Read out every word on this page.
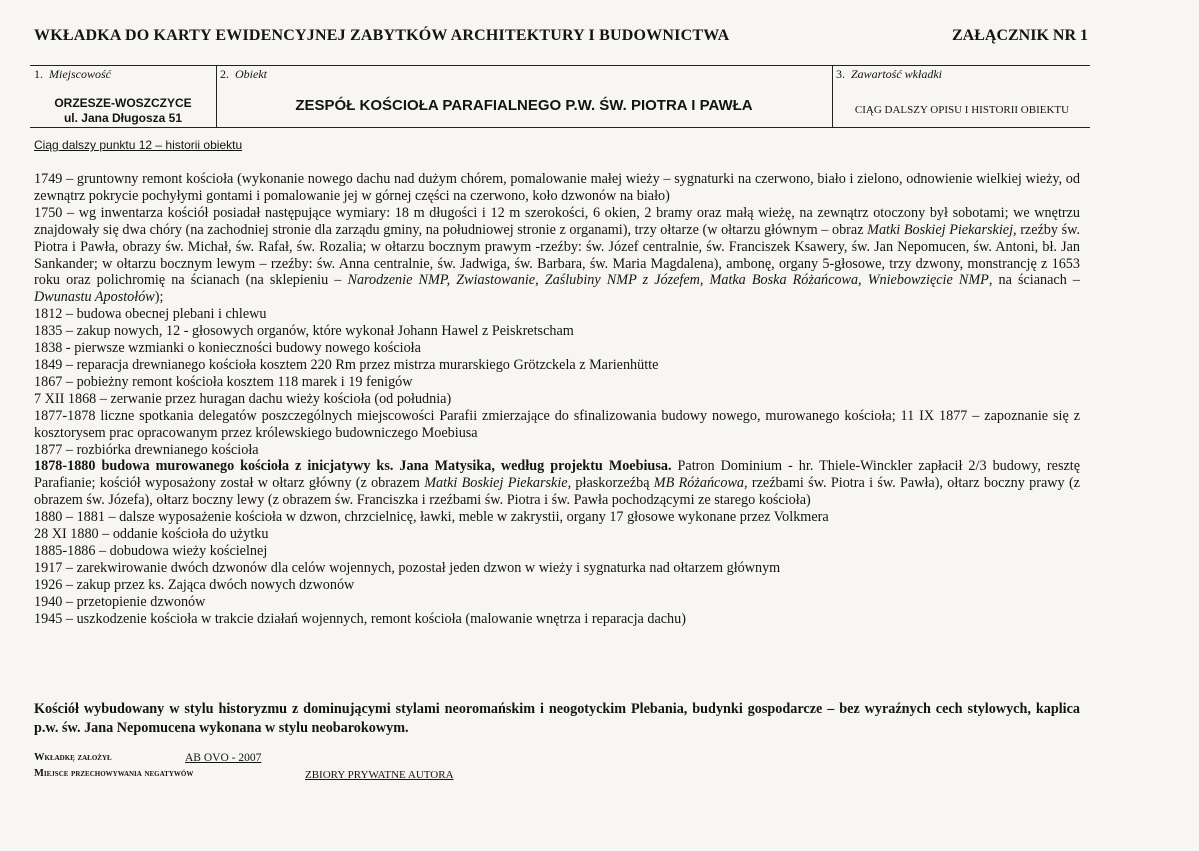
WKŁADKA DO KARTY EWIDENCYJNEJ ZABYTKÓW ARCHITEKTURY I BUDOWNICTWA	ZAŁĄCZNIK NR 1
1. Miejscowość
ORZESZE-WOSZCZYCE
ul. Jana Długosza 51
2. Obiekt
ZESPÓŁ KOŚCIOŁA PARAFIALNEGO P.W. ŚW. PIOTRA I PAWŁA
3. Zawartość wkładki
CIĄG DALSZY OPISU I HISTORII OBIEKTU
Ciąg dalszy punktu 12 – historii obiektu

1749 – gruntowny remont kościoła (wykonanie nowego dachu nad dużym chórem, pomalowanie małej wieży – sygnaturki na czerwono, biało i zielono, odnowienie wielkiej wieży, od zewnątrz pokrycie pochyłymi gontami i pomalowanie jej w górnej części na czerwono, koło dzwonów na biało)

1750 – wg inwentarza kościół posiadał następujące wymiary: 18 m długości i 12 m szerokości, 6 okien, 2 bramy oraz małą wieżę, na zewnątrz otoczony był sobotami; we wnętrzu znajdowały się dwa chóry (na zachodniej stronie dla zarządu gminy, na południowej stronie z organami), trzy ołtarze (w ołtarzu głównym – obraz Matki Boskiej Piekarskiej, rzeźby św. Piotra i Pawła, obrazy św. Michał, św. Rafał, św. Rozalia; w ołtarzu bocznym prawym -rzeźby: św. Józef centralnie, św. Franciszek Ksawery, św. Jan Nepomucen, św. Antoni, bł. Jan Sankander; w ołtarzu bocznym lewym – rzeźby: św. Anna centralnie, św. Jadwiga, św. Barbara, św. Maria Magdalena), ambonę, organy 5-głosowe, trzy dzwony, monstrancję z 1653 roku oraz polichromię na ścianach (na sklepieniu – Narodzenie NMP, Zwiastowanie, Zaślubiny NMP z Józefem, Matka Boska Różańcowa, Wniebowzięcie NMP, na ścianach – Dwunastu Apostołów);

1812 – budowa obecnej plebani i chlewu

1835 – zakup nowych, 12 - głosowych organów, które wykonał Johann Hawel z Peiskretscham

1838 - pierwsze wzmianki o konieczności budowy nowego kościoła

1849 – reparacja drewnianego kościoła kosztem 220 Rm przez mistrza murarskiego Grötzckela z Marienhütte

1867 – pobieżny remont kościoła kosztem 118 marek i 19 fenigów

7 XII 1868 – zerwanie przez huragan dachu wieży kościoła (od południa)

1877-1878 liczne spotkania delegatów poszczególnych miejscowości Parafii zmierzające do sfinalizowania budowy nowego, murowanego kościoła; 11 IX 1877 – zapoznanie się z kosztorysem prac opracowanym przez królewskiego budowniczego Moebiusa

1877 – rozbiórka drewnianego kościoła

1878-1880 budowa murowanego kościoła z inicjatywy ks. Jana Matysika, według projektu Moebiusa. Patron Dominium - hr. Thiele-Winckler zapłacił 2/3 budowy, resztę Parafianie; kościół wyposażony został w ołtarz główny (z obrazem Matki Boskiej Piekarskie, płaskorzeźbą MB Różańcowa, rzeźbami św. Piotra i św. Pawła), ołtarz boczny prawy (z obrazem św. Józefa), ołtarz boczny lewy (z obrazem św. Franciszka i rzeźbami św. Piotra i św. Pawła pochodzącymi ze starego kościoła)

1880 – 1881 – dalsze wyposażenie kościoła w dzwon, chrzcielnicę, ławki, meble w zakrystii, organy 17 głosowe wykonane przez Volkmera

28 XI 1880 – oddanie kościoła do użytku

1885-1886 – dobudowa wieży kościelnej

1917 – zarekwirowanie dwóch dzwonów dla celów wojennych, pozostał jeden dzwon w wieży i sygnaturka nad ołtarzem głównym

1926 – zakup przez ks. Zająca dwóch nowych dzwonów

1940 – przetopienie dzwonów

1945 – uszkodzenie kościoła w trakcie działań wojennych, remont kościoła (malowanie wnętrza i reparacja dachu)

Kościół wybudowany w stylu historyzmu z dominującymi stylami neoromańskim i neogotyckim Plebania, budynki gospodarcze – bez wyraźnych cech stylowych, kaplica p.w. św. Jana Nepomucena wykonana w stylu neobarokowym.
Wkładkę założył	AB OVO - 2007
Miejsce przechowywania negatywów	ZBIORY PRYWATNE AUTORA
